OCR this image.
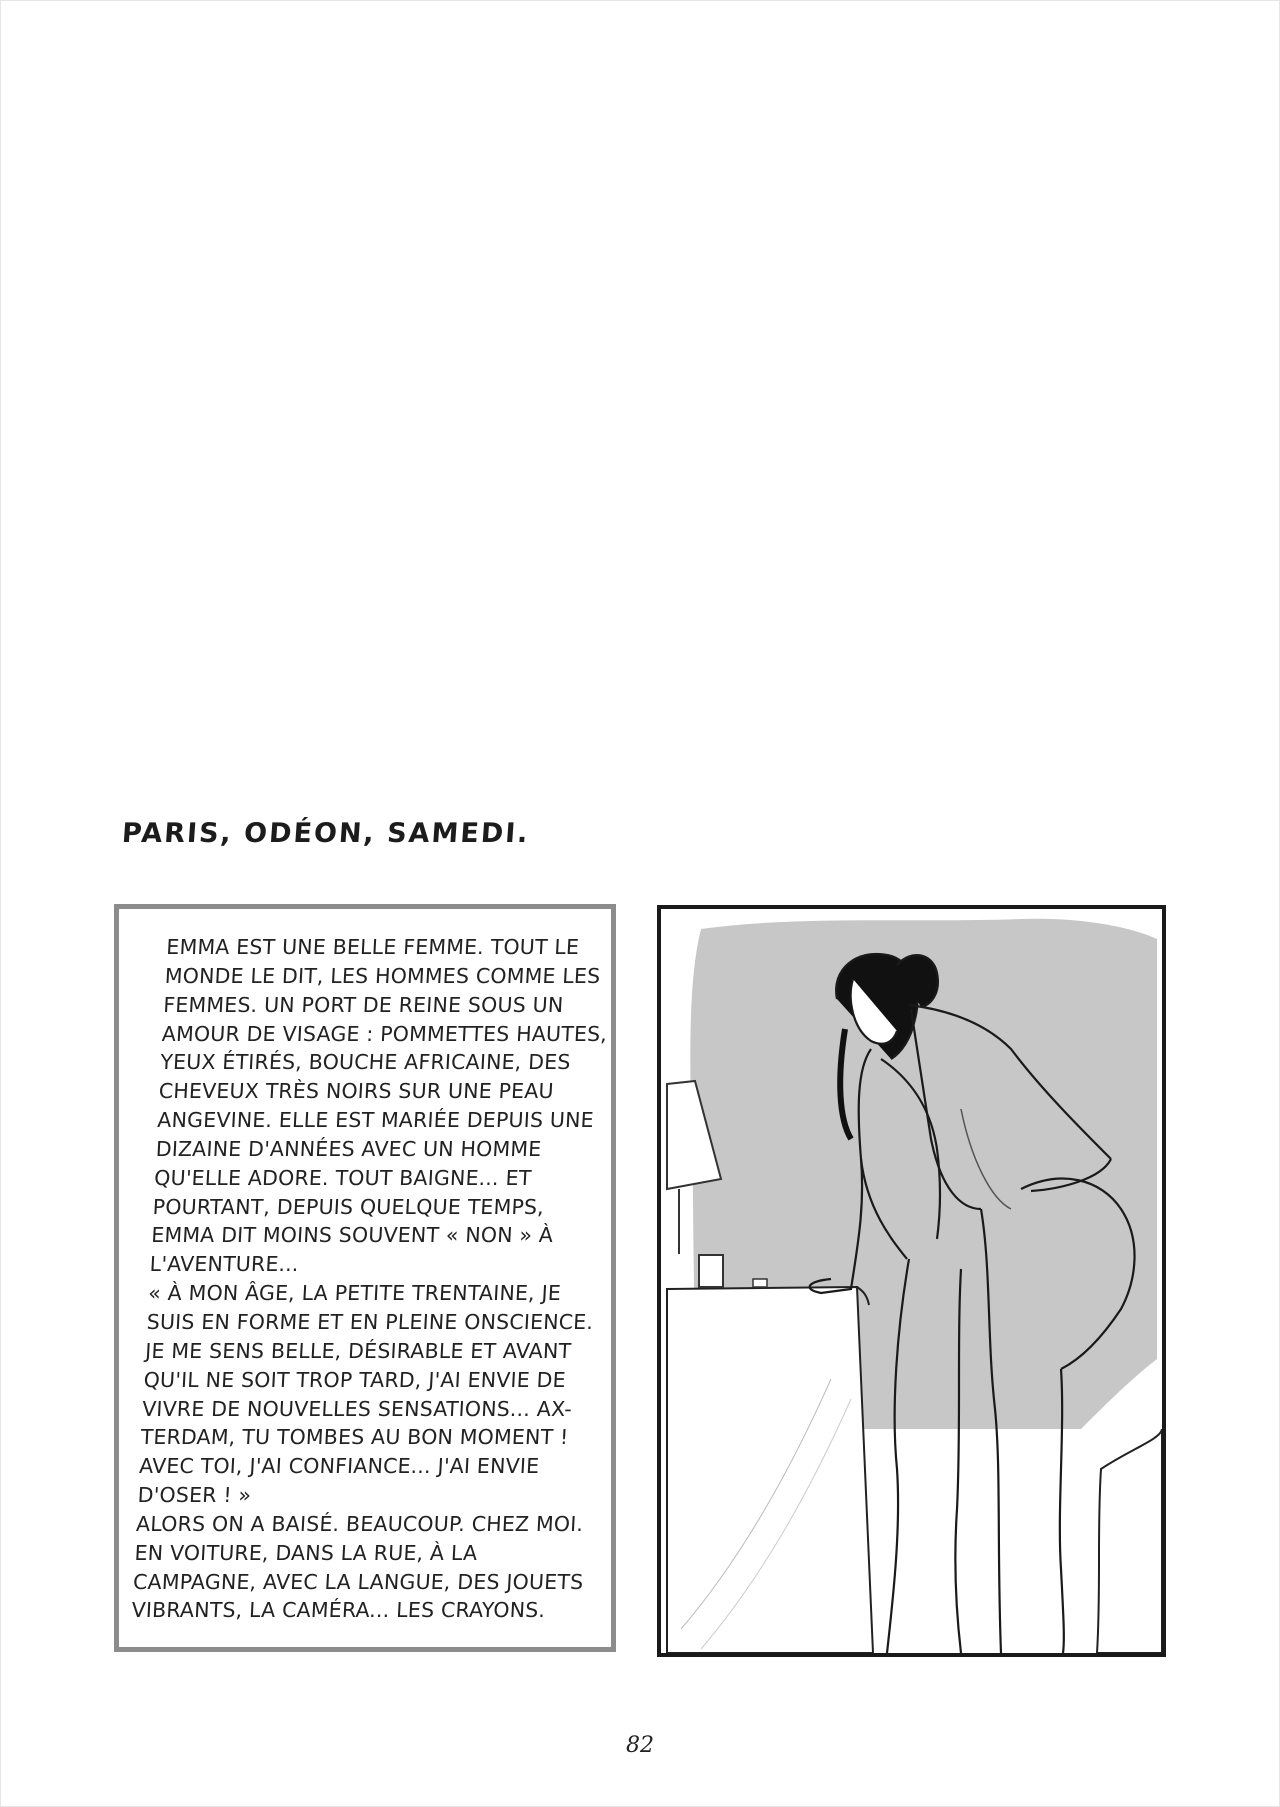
PARIS, ODÉON, SAMEDI.
EMMA EST UNE BELLE FEMME. TOUT LE
MONDE LE DIT, LES HOMMES COMME LES
FEMMES. UN PORT DE REINE SOUS UN
AMOUR DE VISAGE : POMMETTES HAUTES,
YEUX ÉTIRÉS, BOUCHE AFRICAINE, DES
CHEVEUX TRÈS NOIRS SUR UNE PEAU
ANGEVINE. ELLE EST MARIÉE DEPUIS UNE
DIZAINE D'ANNÉES AVEC UN HOMME
QU'ELLE ADORE. TOUT BAIGNE... ET
POURTANT, DEPUIS QUELQUE TEMPS,
EMMA DIT MOINS SOUVENT « NON » À
L'AVENTURE...
« À MON ÂGE, LA PETITE TRENTAINE, JE
SUIS EN FORME ET EN PLEINE ONSCIENCE.
JE ME SENS BELLE, DÉSIRABLE ET AVANT
QU'IL NE SOIT TROP TARD, J'AI ENVIE DE
VIVRE DE NOUVELLES SENSATIONS... AX-
TERDAM, TU TOMBES AU BON MOMENT !
AVEC TOI, J'AI CONFIANCE... J'AI ENVIE
D'OSER ! »
ALORS ON A BAISÉ. BEAUCOUP. CHEZ MOI.
EN VOITURE, DANS LA RUE, À LA
CAMPAGNE, AVEC LA LANGUE, DES JOUETS
VIBRANTS, LA CAMÉRA... LES CRAYONS.
82
